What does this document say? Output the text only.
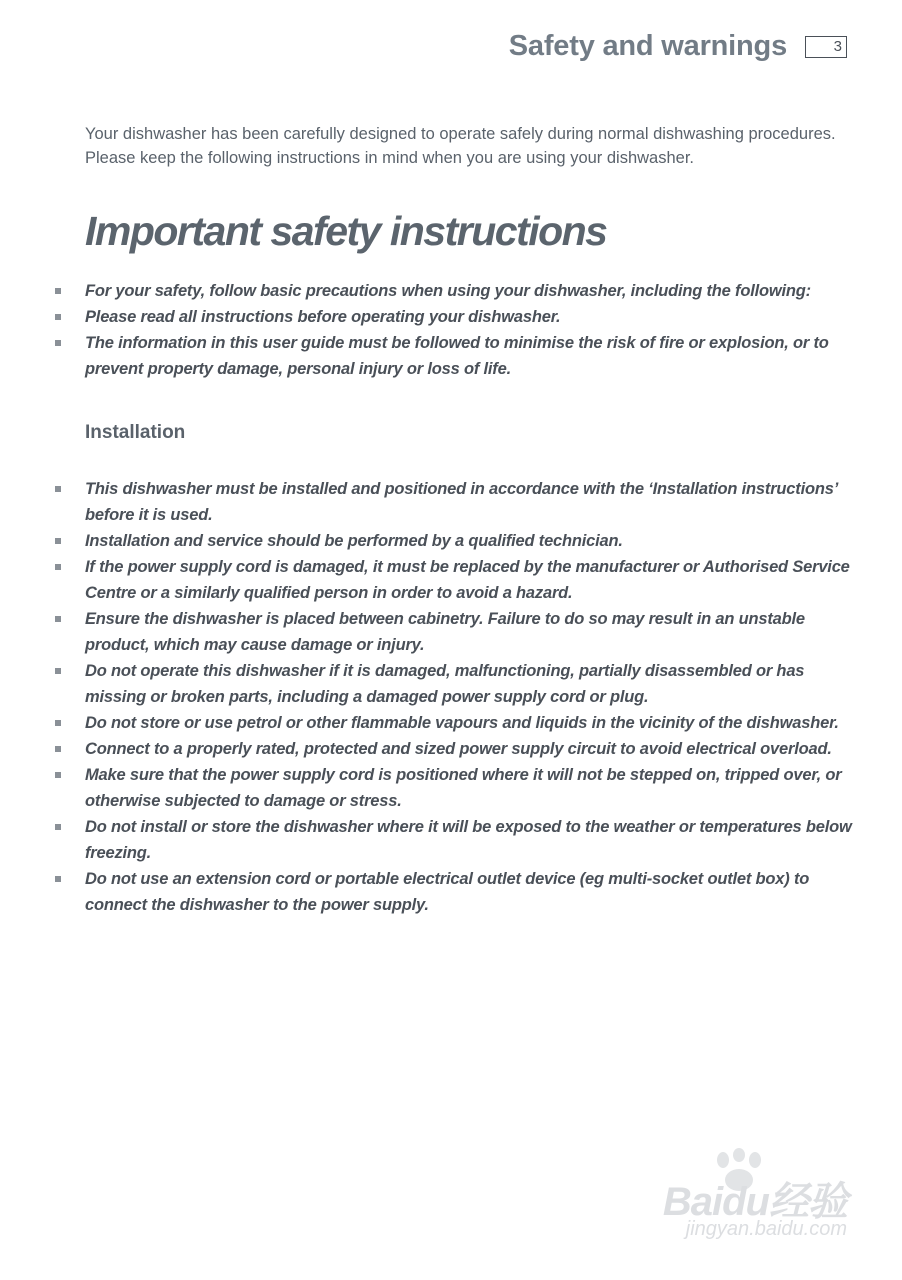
Safety and warnings	3

Your dishwasher has been carefully designed to operate safely during normal dishwashing procedures. Please keep the following instructions in mind when you are using your dishwasher.

Important safety instructions
For your safety, follow basic precautions when using your dishwasher, including the following:
Please read all instructions before operating your dishwasher.
The information in this user guide must be followed to minimise the risk of fire or explosion, or to prevent property damage, personal injury or loss of life.
Installation
This dishwasher must be installed and positioned in accordance with the ‘Installation instructions’ before it is used.
Installation and service should be performed by a qualified technician.
If the power supply cord is damaged, it must be replaced by the manufacturer or Authorised Service Centre or a similarly qualified person in order to avoid a hazard.
Ensure the dishwasher is placed between cabinetry. Failure to do so may result in an unstable product, which may cause damage or injury.
Do not operate this dishwasher if it is damaged, malfunctioning, partially disassembled or has missing or broken parts, including a damaged power supply cord or plug.
Do not store or use petrol or other flammable vapours and liquids in the vicinity of the dishwasher.
Connect to a properly rated, protected and sized power supply circuit to avoid electrical overload.
Make sure that the power supply cord is positioned where it will not be stepped on, tripped over, or otherwise subjected to damage or stress.
Do not install or store the dishwasher where it will be exposed to the weather or temperatures below freezing.
Do not use an extension cord or portable electrical outlet device (eg multi-socket outlet box) to connect the dishwasher to the power supply.
Baidu经验
jingyan.baidu.com
